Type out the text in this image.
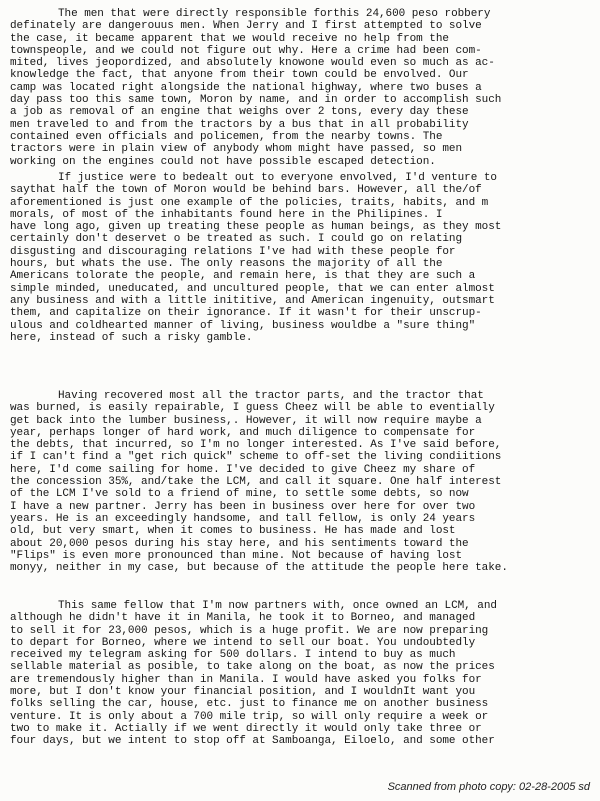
The men that were directly responsible forthis 24,600 peso robbery
definately are dangerouus men. When Jerry and I first attempted to solve
the case, it became apparent that we would receive no help from the
townspeople, and we could not figure out why. Here a crime had been com-
mited, lives jeopordized, and absolutely knowone would even so much as ac-
knowledge the fact, that anyone from their town could be envolved. Our
camp was located right alongside the national highway, where two buses a
day pass too this same town, Moron by name, and in order to accomplish such
a job as removal of an engine that weighs over 2 tons, every day these
men traveled to and from the tractors by a bus that in all probability
contained even officials and policemen, from the nearby towns. The
tractors were in plain view of anybody whom might have passed, so men
working on the engines could not have possible escaped detection.
If justice were to bedealt out to everyone envolved, I'd venture to
saythat half the town of Moron would be behind bars. However, all the/of
aforementioned is just one example of the policies, traits, habits, and m
morals, of most of the inhabitants found here in the Philipines. I
have long ago, given up treating these people as human beings, as they most
certainly don't deservet o be treated as such. I could go on relating
disgusting and discouraging relations I've had with these people for
hours, but whats the use. The only reasons the majority of all the
Americans tolorate the people, and remain here, is that they are such a
simple minded, uneducated, and uncultured people, that we can enter almost
any business and with a little inititive, and American ingenuity, outsmart
them, and capitalize on their ignorance. If it wasn't for their unscrup-
ulous and coldhearted manner of living, business wouldbe a "sure thing"
here, instead of such a risky gamble.
Having recovered most all the tractor parts, and the tractor that
was burned, is easily repairable, I guess Cheez will be able to eventially
get back into the lumber business,. However, it will now require maybe a
year, perhaps longer of hard work, and much diligence to compensate for
the debts, that incurred, so I'm no longer interested. As I've said before,
if I can't find a "get rich quick" scheme to off-set the living condiitions
here, I'd come sailing for home. I've decided to give Cheez my share of
the concession 35%, and/take the LCM, and call it square. One half interest
of the LCM I've sold to a friend of mine, to settle some debts, so now
I have a new partner. Jerry has been in business over here for over two
years. He is an exceedingly handsome, and tall fellow, is only 24 years
old, but very smart, when it comes to business. He has made and lost
about 20,000 pesos during his stay here, and his sentiments toward the
"Flips" is even more pronounced than mine. Not because of having lost
monyy, neither in my case, but because of the attitude the people here take.
This same fellow that I'm now partners with, once owned an LCM, and
although he didn't have it in Manila, he took it to Borneo, and managed
to sell it for 23,000 pesos, which is a huge profit. We are now preparing
to depart for Borneo, where we intend to sell our boat. You undoubtedly
received my telegram asking for 500 dollars. I intend to buy as much
sellable material as posible, to take along on the boat, as now the prices
are tremendously higher than in Manila. I would have asked you folks for
more, but I don't know your financial position, and I wouldnIt want you
folks selling the car, house, etc. just to finance me on another business
venture. It is only about a 700 mile trip, so will only require a week or
two to make it. Actially if we went directly it would only take three or
four days, but we intent to stop off at Samboanga, Eiloelo, and some other
Scanned from photo copy: 02-28-2005 sd
